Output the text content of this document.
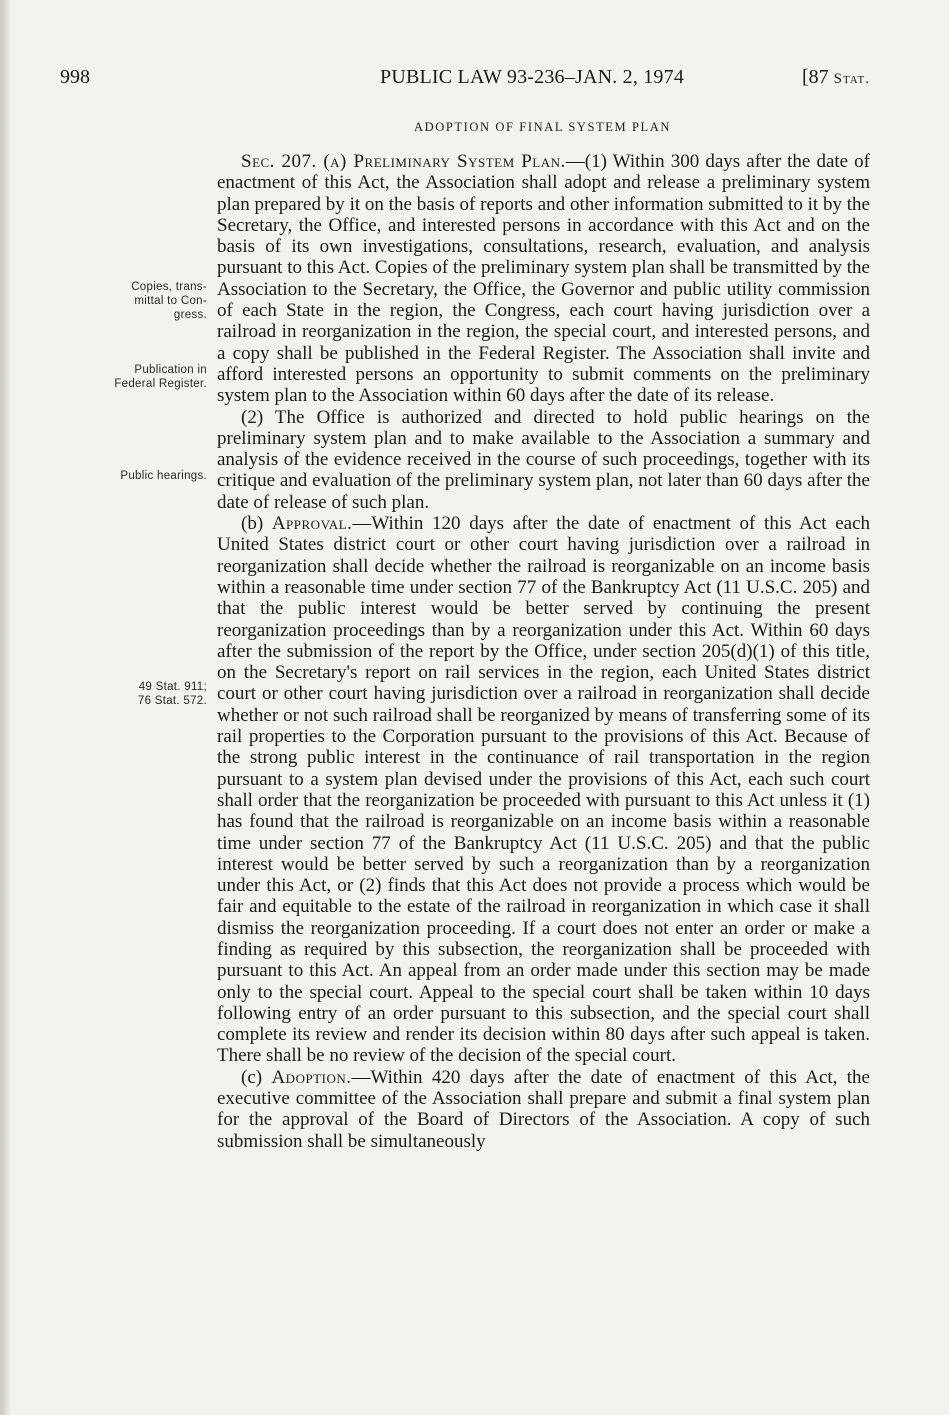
998	PUBLIC LAW 93-236–JAN. 2, 1974	[87 Stat.
ADOPTION OF FINAL SYSTEM PLAN
Copies, trans-
mittal to Con-
gress.
Publication in
Federal Register.
Public hearings.
49 Stat. 911;
76 Stat. 572.

Sec. 207. (a) Preliminary System Plan.—(1) Within 300 days after the date of enactment of this Act, the Association shall adopt and release a preliminary system plan prepared by it on the basis of reports and other information submitted to it by the Secretary, the Office, and interested persons in accordance with this Act and on the basis of its own investigations, consultations, research, evaluation, and analysis pursuant to this Act. Copies of the preliminary system plan shall be transmitted by the Association to the Secretary, the Office, the Governor and public utility commission of each State in the region, the Congress, each court having jurisdiction over a railroad in reorganization in the region, the special court, and interested persons, and a copy shall be published in the Federal Register. The Association shall invite and afford interested persons an opportunity to submit comments on the preliminary system plan to the Association within 60 days after the date of its release.

(2) The Office is authorized and directed to hold public hearings on the preliminary system plan and to make available to the Association a summary and analysis of the evidence received in the course of such proceedings, together with its critique and evaluation of the preliminary system plan, not later than 60 days after the date of release of such plan.

(b) Approval.—Within 120 days after the date of enactment of this Act each United States district court or other court having jurisdiction over a railroad in reorganization shall decide whether the railroad is reorganizable on an income basis within a reasonable time under section 77 of the Bankruptcy Act (11 U.S.C. 205) and that the public interest would be better served by continuing the present reorganization proceedings than by a reorganization under this Act. Within 60 days after the submission of the report by the Office, under section 205(d)(1) of this title, on the Secretary's report on rail services in the region, each United States district court or other court having jurisdiction over a railroad in reorganization shall decide whether or not such railroad shall be reorganized by means of transferring some of its rail properties to the Corporation pursuant to the provisions of this Act. Because of the strong public interest in the continuance of rail transportation in the region pursuant to a system plan devised under the provisions of this Act, each such court shall order that the reorganization be proceeded with pursuant to this Act unless it (1) has found that the railroad is reorganizable on an income basis within a reasonable time under section 77 of the Bankruptcy Act (11 U.S.C. 205) and that the public interest would be better served by such a reorganization than by a reorganization under this Act, or (2) finds that this Act does not provide a process which would be fair and equitable to the estate of the railroad in reorganization in which case it shall dismiss the reorganization proceeding. If a court does not enter an order or make a finding as required by this subsection, the reorganization shall be proceeded with pursuant to this Act. An appeal from an order made under this section may be made only to the special court. Appeal to the special court shall be taken within 10 days following entry of an order pursuant to this subsection, and the special court shall complete its review and render its decision within 80 days after such appeal is taken. There shall be no review of the decision of the special court.

(c) Adoption.—Within 420 days after the date of enactment of this Act, the executive committee of the Association shall prepare and submit a final system plan for the approval of the Board of Directors of the Association. A copy of such submission shall be simultaneously
